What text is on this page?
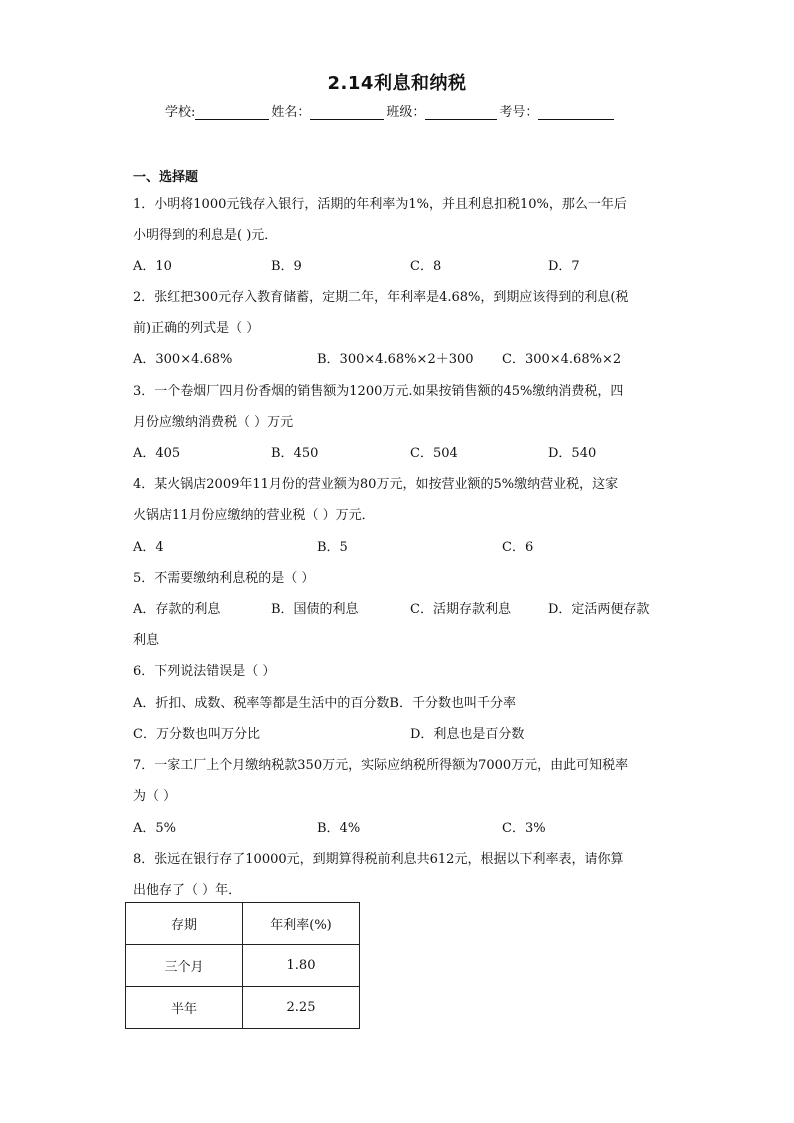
2.14利息和纳税
学校:	姓名：	班级：	考号：
一、选择题
1．小明将1000元钱存入银行，活期的年利率为1%，并且利息扣税10%，那么一年后
小明得到的利息是( )元．
A．10	B．9	C．8	D．7
2．张红把300元存入教育储蓄，定期二年，年利率是4.68%，到期应该得到的利息(税
前)正确的列式是（ ）
A．300×4.68%	B．300×4.68%×2＋300 C．300×4.68%×2
3．一个卷烟厂四月份香烟的销售额为1200万元.如果按销售额的45%缴纳消费税，四
月份应缴纳消费税（ ）万元
A．405	B．450	C．504	D．540
4．某火锅店2009年11月份的营业额为80万元，如按营业额的5%缴纳营业税，这家
火锅店11月份应缴纳的营业税（ ）万元．
A．4	B．5	C．6
5．不需要缴纳利息税的是（ ）
A．存款的利息	B．国债的利息	C．活期存款利息	D．定活两便存款
利息
6．下列说法错误是（ ）
A．折扣、成数、税率等都是生活中的百分数B．千分数也叫千分率
C．万分数也叫万分比	D．利息也是百分数
7．一家工厂上个月缴纳税款350万元，实际应纳税所得额为7000万元，由此可知税率
为（ ）
A．5%	B．4%	C．3%
8．张远在银行存了10000元，到期算得税前利息共612元，根据以下利率表，请你算
出他存了（ ）年．
存期	年利率(%)
三个月	1.80
半年	2.25
